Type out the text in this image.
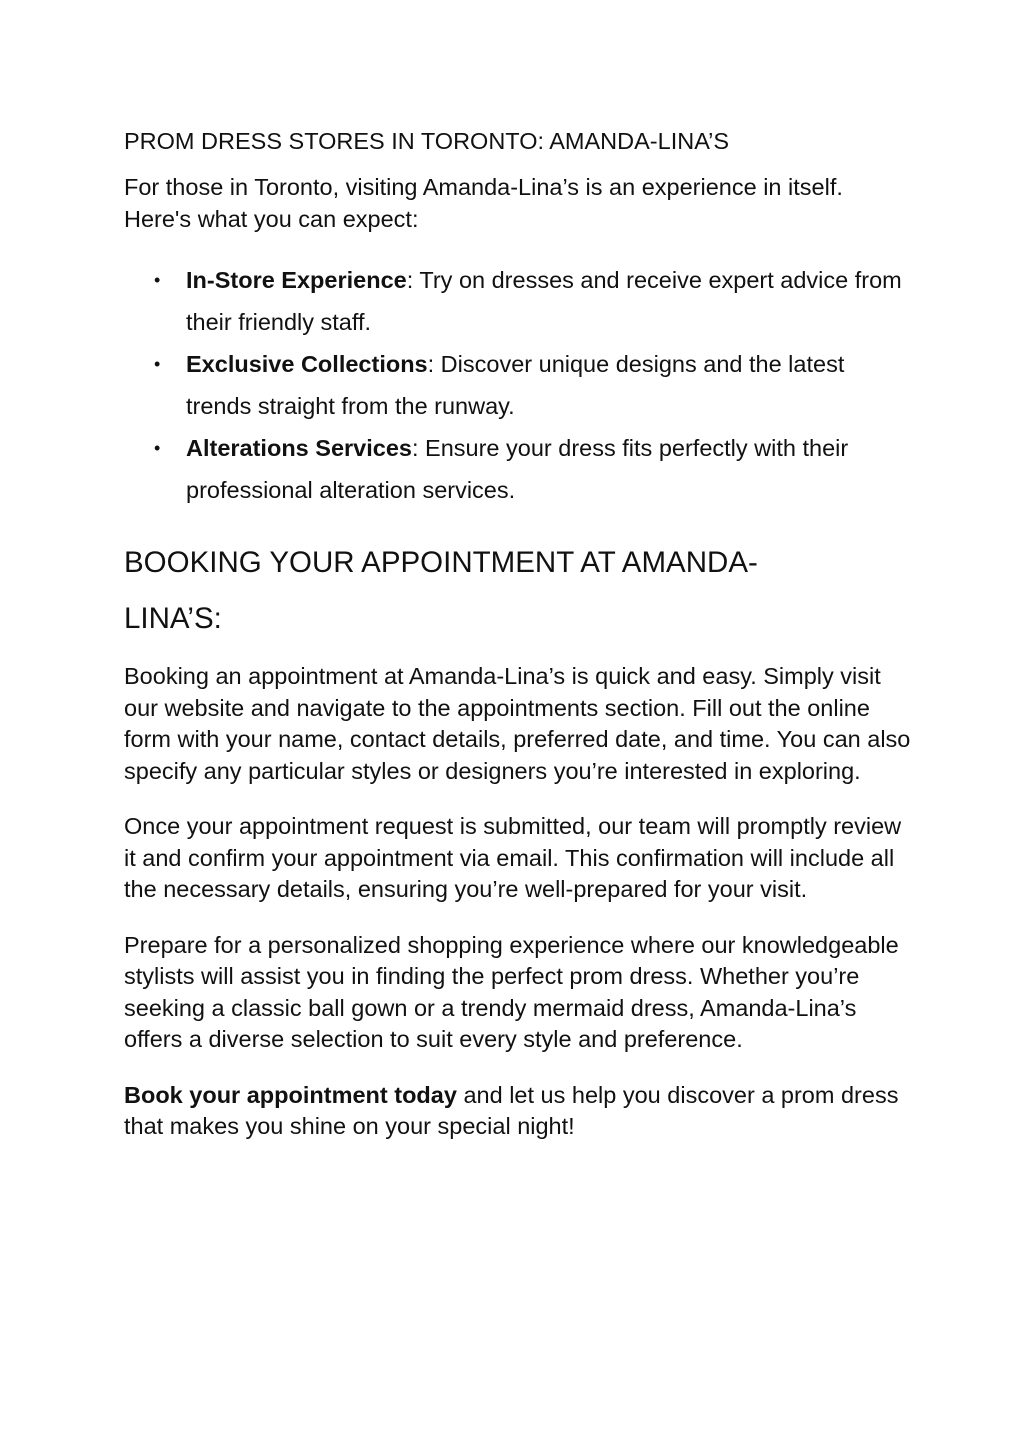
PROM DRESS STORES IN TORONTO: AMANDA-LINA’S

For those in Toronto, visiting Amanda-Lina’s is an experience in itself. Here's what you can expect:

• In-Store Experience: Try on dresses and receive expert advice from their friendly staff.
• Exclusive Collections: Discover unique designs and the latest trends straight from the runway.
• Alterations Services: Ensure your dress fits perfectly with their professional alteration services.
BOOKING YOUR APPOINTMENT AT AMANDA-LINA’S:

Booking an appointment at Amanda-Lina’s is quick and easy. Simply visit our website and navigate to the appointments section. Fill out the online form with your name, contact details, preferred date, and time. You can also specify any particular styles or designers you’re interested in exploring.

Once your appointment request is submitted, our team will promptly review it and confirm your appointment via email. This confirmation will include all the necessary details, ensuring you’re well-prepared for your visit.

Prepare for a personalized shopping experience where our knowledgeable stylists will assist you in finding the perfect prom dress. Whether you’re seeking a classic ball gown or a trendy mermaid dress, Amanda-Lina’s offers a diverse selection to suit every style and preference.

Book your appointment today and let us help you discover a prom dress that makes you shine on your special night!
